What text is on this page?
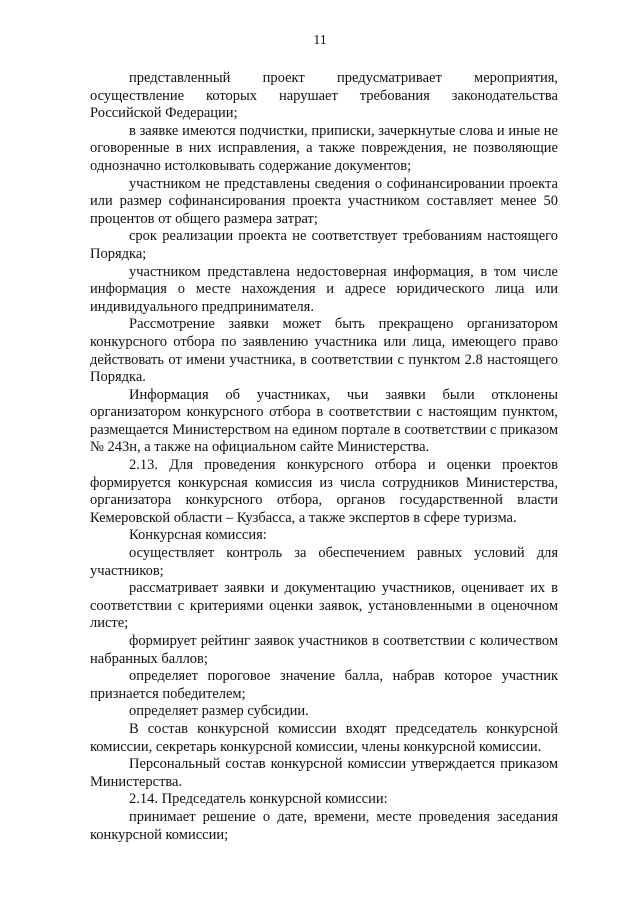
11

представленный проект предусматривает мероприятия, осуществление которых нарушает требования законодательства Российской Федерации;

в заявке имеются подчистки, приписки, зачеркнутые слова и иные не оговоренные в них исправления, а также повреждения, не позволяющие однозначно истолковывать содержание документов;

участником не представлены сведения о софинансировании проекта или размер софинансирования проекта участником составляет менее 50 процентов от общего размера затрат;

срок реализации проекта не соответствует требованиям настоящего Порядка;

участником представлена недостоверная информация, в том числе информация о месте нахождения и адресе юридического лица или индивидуального предпринимателя.

Рассмотрение заявки может быть прекращено организатором конкурсного отбора по заявлению участника или лица, имеющего право действовать от имени участника, в соответствии с пунктом 2.8 настоящего Порядка.

Информация об участниках, чьи заявки были отклонены организатором конкурсного отбора в соответствии с настоящим пунктом, размещается Министерством на едином портале в соответствии с приказом № 243н, а также на официальном сайте Министерства.

2.13. Для проведения конкурсного отбора и оценки проектов формируется конкурсная комиссия из числа сотрудников Министерства, организатора конкурсного отбора, органов государственной власти Кемеровской области – Кузбасса, а также экспертов в сфере туризма.

Конкурсная комиссия:

осуществляет контроль за обеспечением равных условий для участников;

рассматривает заявки и документацию участников, оценивает их в соответствии с критериями оценки заявок, установленными в оценочном листе;

формирует рейтинг заявок участников в соответствии с количеством набранных баллов;

определяет пороговое значение балла, набрав которое участник признается победителем;

определяет размер субсидии.

В состав конкурсной комиссии входят председатель конкурсной комиссии, секретарь конкурсной комиссии, члены конкурсной комиссии.

Персональный состав конкурсной комиссии утверждается приказом Министерства.

2.14. Председатель конкурсной комиссии:

принимает решение о дате, времени, месте проведения заседания конкурсной комиссии;
